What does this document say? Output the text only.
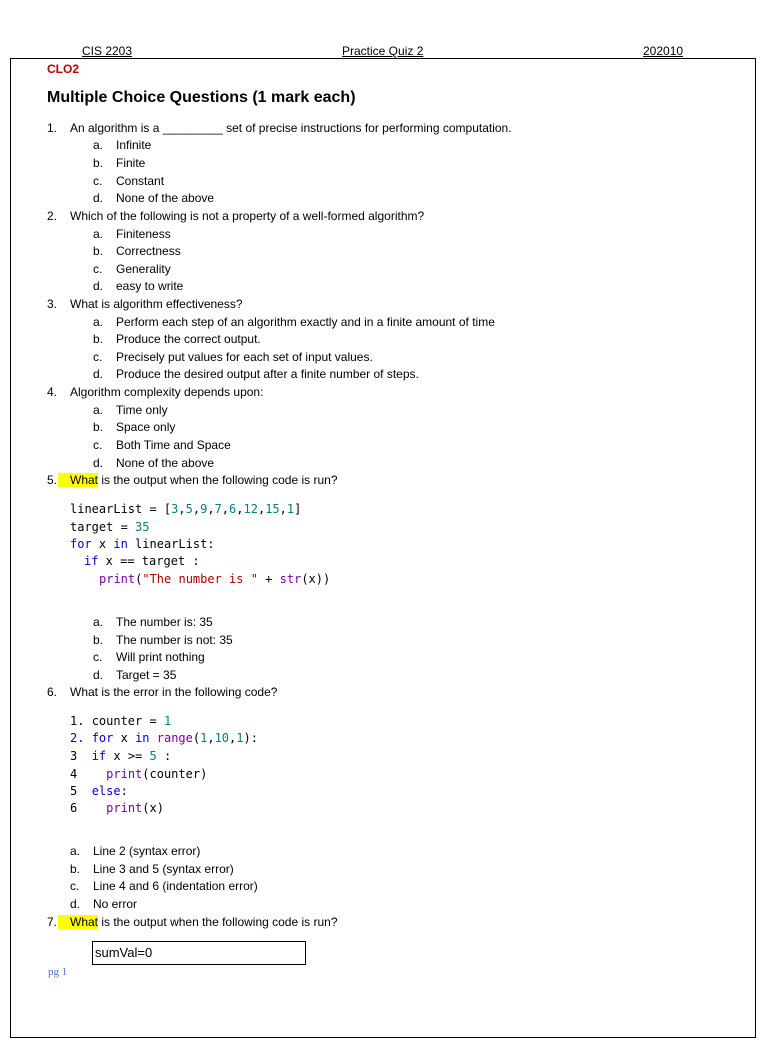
CIS 2203	Practice Quiz 2	202010
CLO2
Multiple Choice Questions (1 mark each)
1. An algorithm is a _________ set of precise instructions for performing computation.
a. Infinite
b. Finite
c. Constant
d. None of the above
2. Which of the following is not a property of a well-formed algorithm?
a. Finiteness
b. Correctness
c. Generality
d. easy to write
3. What is algorithm effectiveness?
a. Perform each step of an algorithm exactly and in a finite amount of time
b. Produce the correct output.
c. Precisely put values for each set of input values.
d. Produce the desired output after a finite number of steps.
4. Algorithm complexity depends upon:
a. Time only
b. Space only
c. Both Time and Space
d. None of the above
5.	What is the output when the following code is run?
linearList = [3,5,9,7,6,12,15,1]
target = 35
for x in linearList:
if x == target :
print("The number is " + str(x))
a. The number is: 35
b. The number is not: 35
c. Will print nothing
d. Target = 35
6. What is the error in the following code?
1. counter = 1
2. for x in range(1,10,1):
3 if x >= 5 :
4 print(counter)
5 else:
6 print(x)
a. Line 2 (syntax error)
b. Line 3 and 5 (syntax error)
c. Line 4 and 6 (indentation error)
d. No error
7.	What is the output when the following code is run?
sumVal=0
pg 1
